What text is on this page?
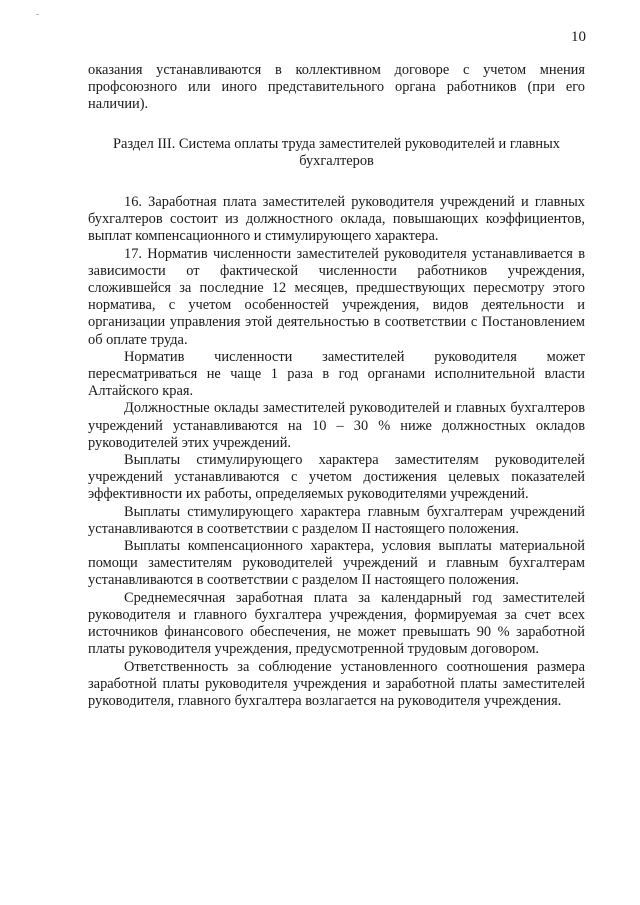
10

оказания устанавливаются в коллективном договоре с учетом мнения профсоюзного или иного представительного органа работников (при его наличии).

Раздел III. Система оплаты труда заместителей руководителей и главных бухгалтеров

16. Заработная плата заместителей руководителя учреждений и главных бухгалтеров состоит из должностного оклада, повышающих коэффициентов, выплат компенсационного и стимулирующего характера.

17. Норматив численности заместителей руководителя устанавливается в зависимости от фактической численности работников учреждения, сложившейся за последние 12 месяцев, предшествующих пересмотру этого норматива, с учетом особенностей учреждения, видов деятельности и организации управления этой деятельностью в соответствии с Постановлением об оплате труда.

Норматив численности заместителей руководителя может пересматриваться не чаще 1 раза в год органами исполнительной власти Алтайского края.

Должностные оклады заместителей руководителей и главных бухгалтеров учреждений устанавливаются на 10 – 30 % ниже должностных окладов руководителей этих учреждений.

Выплаты стимулирующего характера заместителям руководителей учреждений устанавливаются с учетом достижения целевых показателей эффективности их работы, определяемых руководителями учреждений.

Выплаты стимулирующего характера главным бухгалтерам учреждений устанавливаются в соответствии с разделом II настоящего положения.

Выплаты компенсационного характера, условия выплаты материальной помощи заместителям руководителей учреждений и главным бухгалтерам устанавливаются в соответствии с разделом II настоящего положения.

Среднемесячная заработная плата за календарный год заместителей руководителя и главного бухгалтера учреждения, формируемая за счет всех источников финансового обеспечения, не может превышать 90 % заработной платы руководителя учреждения, предусмотренной трудовым договором.

Ответственность за соблюдение установленного соотношения размера заработной платы руководителя учреждения и заработной платы заместителей руководителя, главного бухгалтера возлагается на руководителя учреждения.
